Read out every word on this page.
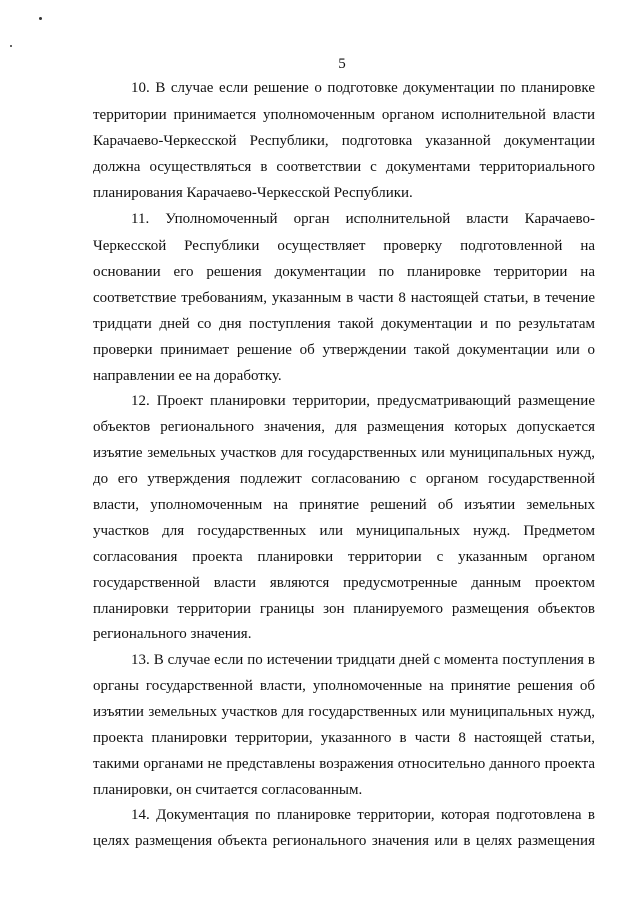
5
10. В случае если решение о подготовке документации по планировке
территории принимается уполномоченным органом исполнительной власти
Карачаево-Черкесской Республики, подготовка указанной документации
должна осуществляться в соответствии с документами территориального
планирования Карачаево-Черкесской Республики.
11. Уполномоченный орган исполнительной власти Карачаево-
Черкесской Республики осуществляет проверку подготовленной на
основании его решения документации по планировке территории на
соответствие требованиям, указанным в части 8 настоящей статьи, в течение
тридцати дней со дня поступления такой документации и по результатам
проверки принимает решение об утверждении такой документации или о
направлении ее на доработку.
12. Проект планировки территории, предусматривающий размещение
объектов регионального значения, для размещения которых допускается
изъятие земельных участков для государственных или муниципальных нужд,
до его утверждения подлежит согласованию с органом государственной
власти, уполномоченным на принятие решений об изъятии земельных
участков для государственных или муниципальных нужд. Предметом
согласования проекта планировки территории с указанным органом
государственной власти являются предусмотренные данным проектом
планировки территории границы зон планируемого размещения объектов
регионального значения.
13. В случае если по истечении тридцати дней с момента поступления в
органы государственной власти, уполномоченные на принятие решения об
изъятии земельных участков для государственных или муниципальных нужд,
проекта планировки территории, указанного в части 8 настоящей статьи,
такими органами не представлены возражения относительно данного проекта
планировки, он считается согласованным.
14. Документация по планировке территории, которая подготовлена в
целях размещения объекта регионального значения или в целях размещения
